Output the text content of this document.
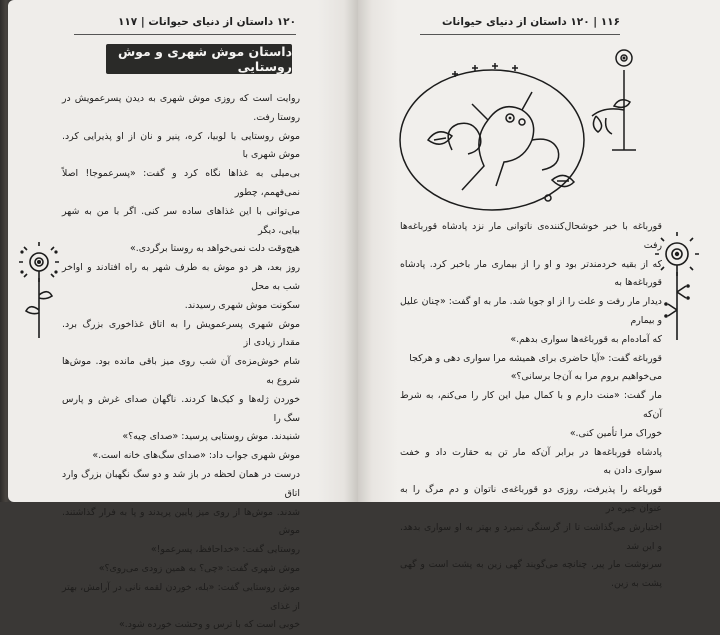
۱۲۰ داستان از دنیای حیوانات | ۱۱۷
داستان موش شهری و موش روستایی

روایت است که روزی موش شهری به دیدن پسرعمویش در روستا رفت.

موش روستایی با لوبیا، کره، پنیر و نان از او پذیرایی کرد. موش شهری با

بی‌میلی به غذاها نگاه کرد و گفت: «پسرعموجا! اصلاً نمی‌فهمم، چطور

می‌توانی با این غذاهای ساده سر کنی. اگر با من به شهر بیایی، دیگر

هیچ‌وقت دلت نمی‌خواهد به روستا برگردی.»

روز بعد، هر دو موش به طرف شهر به راه افتادند و اواخر شب به محل

سکونت موش شهری رسیدند.

موش شهری پسرعمویش را به اتاق غذاخوری بزرگ برد. مقدار زیادی از

شام خوش‌مزه‌ی آن شب روی میز باقی مانده بود. موش‌ها شروع به

خوردن ژله‌ها و کیک‌ها کردند. ناگهان صدای غرش و پارس سگ را

شنیدند. موش روستایی پرسید: «صدای چیه؟»

موش شهری جواب داد: «صدای سگ‌های خانه است.»

درست در همان لحظه در باز شد و دو سگ نگهبان بزرگ وارد اتاق

شدند. موش‌ها از روی میز پایین پریدند و پا به فرار گذاشتند. موش

روستایی گفت: «خداحافظ، پسرعمو!»

موش شهری گفت: «چی؟ به همین زودی می‌روی؟»

موش روستایی گفت: «بله، خوردن لقمه نانی در آرامش، بهتر از غذای

خوبی است که با ترس و وحشت خورده شود.»

۱۱۶ | ۱۲۰ داستان از دنیای حیوانات

قورباغه با خبر خوشحال‌کننده‌ی ناتوانی مار نزد پادشاه قورباغه‌ها رفت

که از بقیه خردمندتر بود و او را از بیماری مار باخبر کرد. پادشاه قورباغه‌ها به

دیدار مار رفت و علت را از او جویا شد. مار به او گفت: «چنان علیل و بیمارم

که آماده‌ام به قورباغه‌ها سواری بدهم.»

قورباغه گفت: «آیا حاضری برای همیشه مرا سواری دهی و هرکجا

می‌خواهیم بروم مرا به آن‌جا برسانی؟»

مار گفت: «منت دارم و با کمال میل این کار را می‌کنم، به شرط آن‌که

خوراک مرا تأمین کنی.»

پادشاه قورباغه‌ها در برابر آن‌که مار تن به حقارت داد و خفت سواری دادن به

قورباغه را پذیرفت، روزی دو قورباغه‌ی ناتوان و دم مرگ را به عنوان جیره در

اختیارش می‌گذاشت تا از گرسنگی نمیرد و بهتر به او سواری بدهد. و این شد

سرنوشت مار پیر. چنانچه می‌گویند گهی زین به پشت است و گهی پشت به زین.
